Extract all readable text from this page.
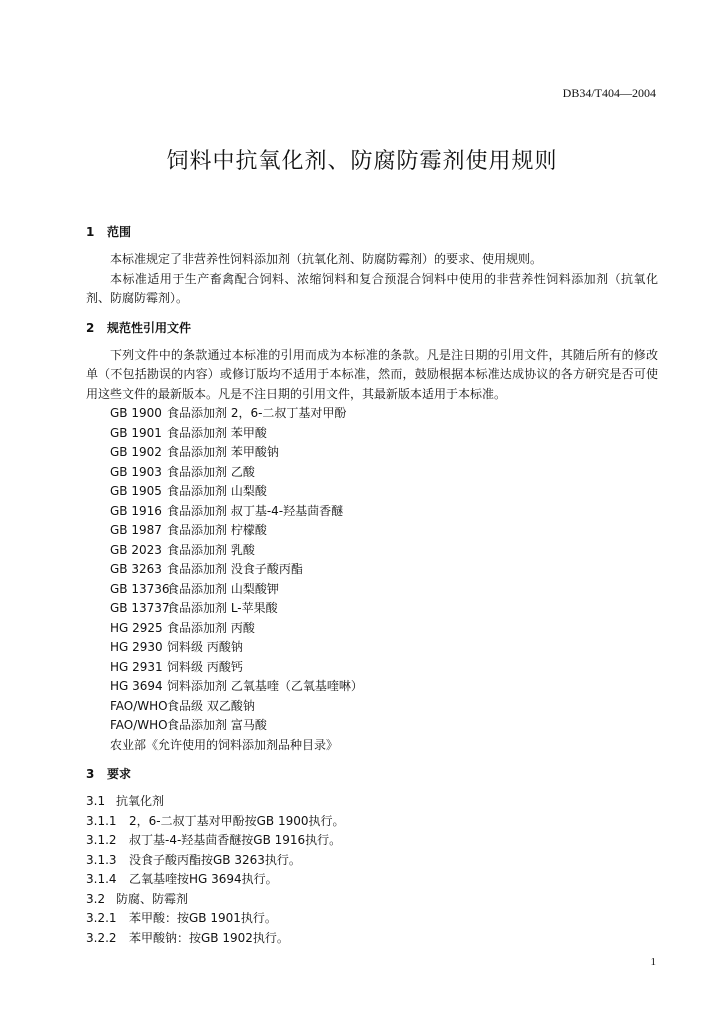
DB34/T404—2004
饲料中抗氧化剂、防腐防霉剂使用规则
1 范围
本标准规定了非营养性饲料添加剂（抗氧化剂、防腐防霉剂）的要求、使用规则。
本标准适用于生产畜禽配合饲料、浓缩饲料和复合预混合饲料中使用的非营养性饲料添加剂（抗氧化剂、防腐防霉剂）。
2 规范性引用文件
下列文件中的条款通过本标准的引用而成为本标准的条款。凡是注日期的引用文件，其随后所有的修改单（不包括勘误的内容）或修订版均不适用于本标准，然而，鼓励根据本标准达成协议的各方研究是否可使用这些文件的最新版本。凡是不注日期的引用文件，其最新版本适用于本标准。
GB 1900 食品添加剂 2，6-二叔丁基对甲酚
GB 1901 食品添加剂 苯甲酸
GB 1902 食品添加剂 苯甲酸钠
GB 1903 食品添加剂 乙酸
GB 1905 食品添加剂 山梨酸
GB 1916 食品添加剂 叔丁基-4-羟基茴香醚
GB 1987 食品添加剂 柠檬酸
GB 2023 食品添加剂 乳酸
GB 3263 食品添加剂 没食子酸丙酯
GB 13736食品添加剂 山梨酸钾
GB 13737食品添加剂 L-苹果酸
HG 2925 食品添加剂 丙酸
HG 2930 饲料级 丙酸钠
HG 2931 饲料级 丙酸钙
HG 3694 饲料添加剂 乙氧基喹（乙氧基喹啉）
FAO/WHO食品级 双乙酸钠
FAO/WHO食品添加剂 富马酸
农业部《允许使用的饲料添加剂品种目录》
3 要求
3.1 抗氧化剂
3.1.1 2，6-二叔丁基对甲酚按GB 1900执行。
3.1.2 叔丁基-4-羟基茴香醚按GB 1916执行。
3.1.3 没食子酸丙酯按GB 3263执行。
3.1.4 乙氧基喹按HG 3694执行。
3.2 防腐、防霉剂
3.2.1 苯甲酸：按GB 1901执行。
3.2.2 苯甲酸钠：按GB 1902执行。
1
